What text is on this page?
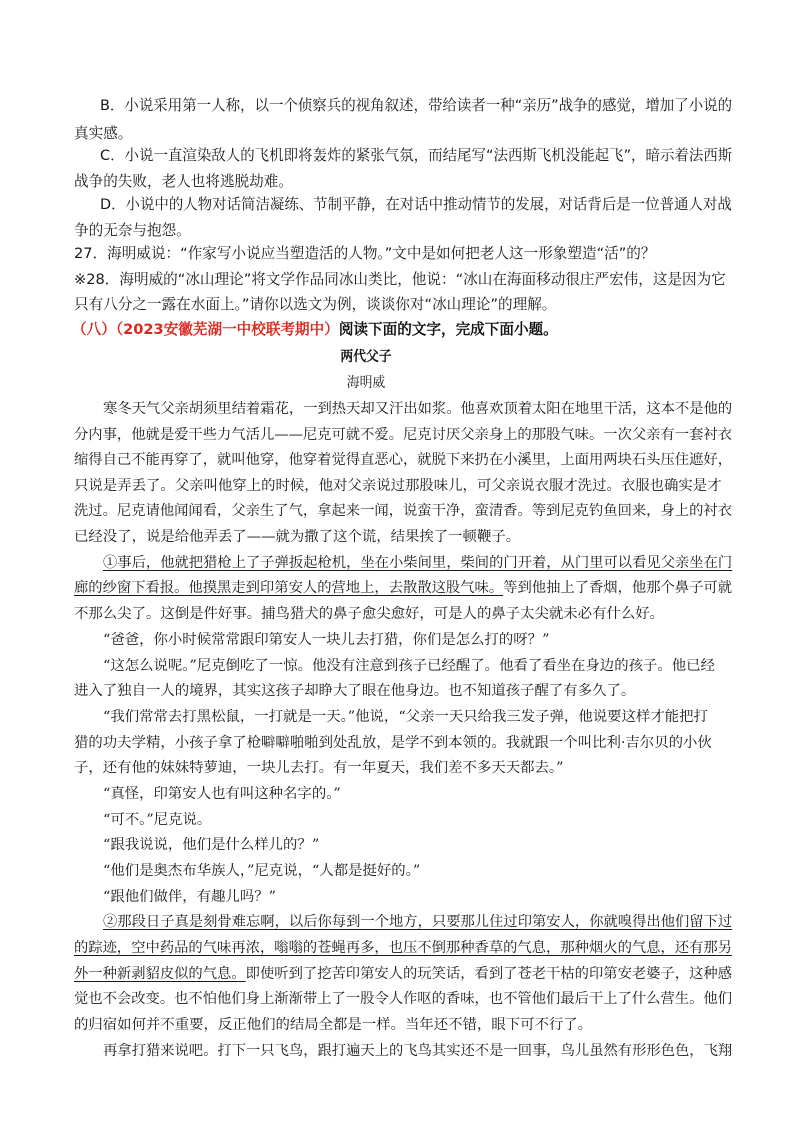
B．小说采用第一人称，以一个侦察兵的视角叙述，带给读者一种“亲历”战争的感觉，增加了小说的
真实感。
C．小说一直渲染敌人的飞机即将轰炸的紧张气氛，而结尾写“法西斯飞机没能起飞”，暗示着法西斯
战争的失败，老人也将逃脱劫难。
D．小说中的人物对话简洁凝练、节制平静，在对话中推动情节的发展，对话背后是一位普通人对战
争的无奈与抱怨。
27．海明威说：“作家写小说应当塑造活的人物。”文中是如何把老人这一形象塑造“活”的？
※28．海明威的“冰山理论”将文学作品同冰山类比，他说：“冰山在海面移动很庄严宏伟，这是因为它
只有八分之一露在水面上。”请你以选文为例，谈谈你对“冰山理论”的理解。
（八）（2023安徽芜湖一中校联考期中）阅读下面的文字，完成下面小题。
两代父子
海明威
寒冬天气父亲胡须里结着霜花，一到热天却又汗出如浆。他喜欢顶着太阳在地里干活，这本不是他的
分内事，他就是爱干些力气活儿——尼克可就不爱。尼克讨厌父亲身上的那股气味。一次父亲有一套衬衣
缩得自己不能再穿了，就叫他穿，他穿着觉得直恶心，就脱下来扔在小溪里，上面用两块石头压住遮好，
只说是弄丢了。父亲叫他穿上的时候，他对父亲说过那股味儿，可父亲说衣服才洗过。衣服也确实是才
洗过。尼克请他闻闻看，父亲生了气，拿起来一闻，说蛮干净，蛮清香。等到尼克钓鱼回来，身上的衬衣
已经没了，说是给他弄丢了——就为撒了这个谎，结果挨了一顿鞭子。
①事后，他就把猎枪上了子弹扳起枪机，坐在小柴间里，柴间的门开着，从门里可以看见父亲坐在门
廊的纱窗下看报。他摸黑走到印第安人的营地上，去散散这股气味。等到他抽上了香烟，他那个鼻子可就
不那么尖了。这倒是件好事。捕鸟猎犬的鼻子愈尖愈好，可是人的鼻子太尖就未必有什么好。
“爸爸，你小时候常常跟印第安人一块儿去打猎，你们是怎么打的呀？”
“这怎么说呢。”尼克倒吃了一惊。他没有注意到孩子已经醒了。他看了看坐在身边的孩子。他已经
进入了独自一人的境界，其实这孩子却睁大了眼在他身边。也不知道孩子醒了有多久了。
“我们常常去打黑松鼠，一打就是一天。”他说，“父亲一天只给我三发子弹，他说要这样才能把打
猎的功夫学精，小孩子拿了枪噼噼啪啪到处乱放，是学不到本领的。我就跟一个叫比利·吉尔贝的小伙
子，还有他的妹妹特萝迪，一块儿去打。有一年夏天，我们差不多天天都去。”
“真怪，印第安人也有叫这种名字的。”
“可不。”尼克说。
“跟我说说，他们是什么样儿的？”
“他们是奥杰布华族人，”尼克说，“人都是挺好的。”
“跟他们做伴，有趣儿吗？”
②那段日子真是刻骨难忘啊，以后你每到一个地方，只要那儿住过印第安人，你就嗅得出他们留下过
的踪迹，空中药品的气味再浓，嗡嗡的苍蝇再多，也压不倒那种香草的气息，那种烟火的气息，还有那另
外一种新剥貂皮似的气息。即使听到了挖苦印第安人的玩笑话，看到了苍老干枯的印第安老婆子，这种感
觉也不会改变。也不怕他们身上渐渐带上了一股令人作呕的香味，也不管他们最后干上了什么营生。他们
的归宿如何并不重要，反正他们的结局全都是一样。当年还不错，眼下可不行了。
再拿打猎来说吧。打下一只飞鸟，跟打遍天上的飞鸟其实还不是一回事，鸟儿虽然有形形色色，飞翔
